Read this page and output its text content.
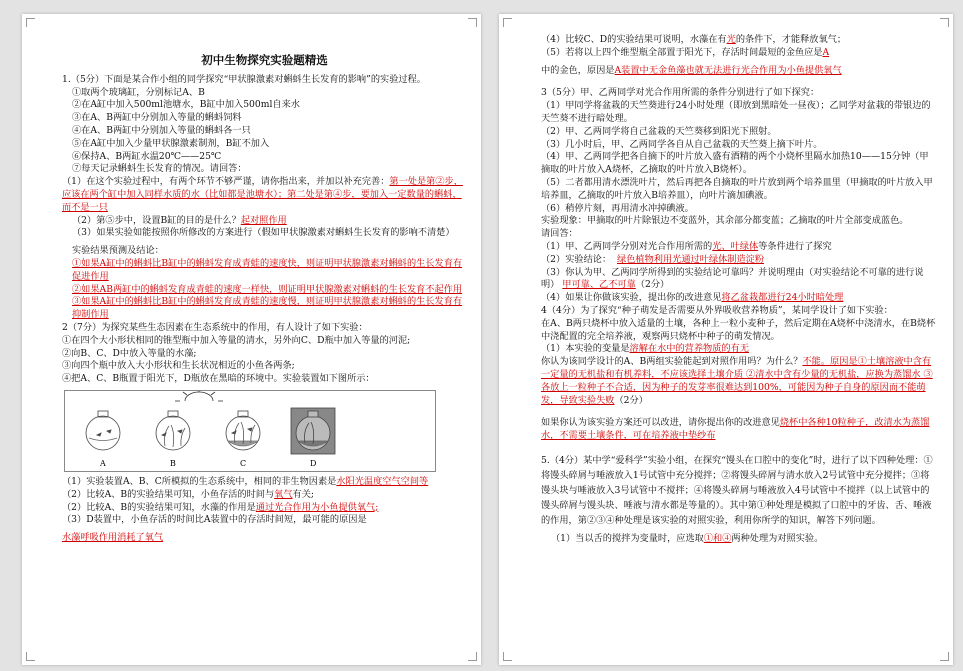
初中生物探究实验题精选
1.（5分）下面是某合作小组的同学探究“甲状腺激素对蝌蚪生长发育的影响”的实验过程。
①取两个玻璃缸，分别标记A、B
②在A缸中加入500ml池塘水，B缸中加入500ml自来水
③在A、B两缸中分别加入等量的蝌蚪饲料
④在A、B两缸中分别加入等量的蝌蚪各一只
⑤在A缸中加入少量甲状腺激素制剂，B缸不加入
⑥保持A、B两缸水温20℃——25℃
⑦每天记录蝌蚪生长发育的情况。请回答：
（1）在这个实验过程中，有两个环节不够严谨，请你指出来，并加以补充完善：第一处是第②步，应该在两个缸中加入同样水质的水（比如都是池塘水）；第二处是第④步，要加入一定数量的蝌蚪，而不是一只
（2）第⑤步中，设置B缸的目的是什么？起对照作用
（3）如果实验如能按照你所修改的方案进行（假如甲状腺激素对蝌蚪生长发育的影响不清楚）
实验结果预测及结论：
①如果A缸中的蝌蚪比B缸中的蝌蚪发育成青蛙的速度快，则证明甲状腺激素对蝌蚪的生长发育有促进作用
②如果AB两缸中的蝌蚪发育成青蛙的速度一样快，则证明甲状腺激素对蝌蚪的生长发育不起作用
③如果A缸中的蝌蚪比B缸中的蝌蚪发育成青蛙的速度慢，则证明甲状腺激素对蝌蚪的生长发育有抑制作用
2（7分）为探究某些生态因素在生态系统中的作用，有人设计了如下实验：
①在四个大小形状相同的锥型瓶中加入等量的清水，另外向C、D瓶中加入等量的河泥;
②向B、C、D中放入等量的水藻;
③向四个瓶中放入大小形状和生长状况相近的小鱼各两条;
④把A、C、B瓶置于阳光下，D瓶放在黑暗的环境中。实验装置如下图所示：
A	B	C	D
（1）实验装置A、B、C所模拟的生态系统中，相同的非生物因素是水阳光温度空气空间等
（2）比较A、B的实验结果可知，小鱼存活的时间与氧气有关;
（2）比较A、B的实验结果可知，水藻的作用是通过光合作用为小鱼提供氧气;
（3）D装置中，小鱼存活的时间比A装置中的存活时间短，最可能的原因是
水藻呼吸作用消耗了氧气
（4）比较C、D的实验结果可说明，水藻在有光的条件下，才能释放氧气；
（5）若将以上四个维型瓶全部置于阳光下，存活时间最短的金鱼应是A
中的金色，原因是A装置中无金鱼藻也就无法进行光合作用为小鱼提供氧气
3（5分）甲、乙两同学对光合作用所需的条件分别进行了如下探究：
（1）甲同学将盆栽的天竺葵进行24小时处理（即放到黑暗处一昼夜）；乙同学对盆栽的带银边的天竺葵不进行暗处理。
（2）甲、乙两同学将自己盆栽的天竺葵移到阳光下照射。
（3）几小时后，甲、乙两同学各自从自己盆栽的天竺葵上摘下叶片。
（4）甲、乙两同学把各自摘下的叶片放入盛有酒精的两个小烧杯里隔水加热10——15分钟（甲摘取的叶片放入A烧杯，乙摘取的叶片放入B烧杯）。
（5）二者都用清水漂洗叶片，然后再把各自摘取的叶片放到两个培养皿里（甲摘取的叶片放入甲培养皿，乙摘取的叶片放入B培养皿），向叶片滴加碘液。
（6）稍停片刻，再用清水冲掉碘液。
实验现象：甲摘取的叶片除银边不变蓝外，其余部分都变蓝；乙摘取的叶片全部变成蓝色。
请回答：
（1）甲、乙两同学分别对光合作用所需的光、叶绿体等条件进行了探究
（2）实验结论： 绿色植物利用光通过叶绿体制造淀粉
（3）你认为甲、乙两同学所得到的实验结论可靠吗？并说明理由（对实验结论不可靠的进行说明） 甲可靠、乙不可靠（2分）
（4）如果让你做该实验，提出你的改进意见将乙盆栽都进行24小时暗处理
4（4分）为了探究“种子萌发是否需要从外界吸收营养物质”，某同学设计了如下实验：
在A、B两只烧杯中放入适量的土壤，各种上一粒小麦种子，然后定期在A烧杯中浇清水，在B烧杯中浇配置的完全培养液，观察两只烧杯中种子的萌发情况。
（1）本实验的变量是溶解在水中的营养物质的有无
你认为该同学设计的A、B两组实验能起到对照作用吗？为什么？不能。原因是①土壤溶液中含有一定量的无机盐和有机养料，不应该选择土壤介质 ②清水中含有少量的无机盐，应换为蒸馏水 ③各放上一粒种子不合适，因为种子的发芽率很难达到100%，可能因为种子自身的原因而不能萌发，导致实验失败（2分）
如果你认为该实验方案还可以改进，请你提出你的改进意见烧杯中各种10粒种子，改清水为蒸馏水，不需要土壤条件，可在培养液中垫纱布
5.（4分）某中学“爱科学”实验小组，在探究“馒头在口腔中的变化”时，进行了以下四种处理：①将馒头碎屑与唾液放入1号试管中充分搅拌；②将馒头碎屑与清水放入2号试管中充分搅拌；③将馒头块与唾液放入3号试管中不搅拌；④将馒头碎屑与唾液放入4号试管中不搅拌（以上试管中的馒头碎屑与馒头块、唾液与清水都是等量的）。其中第①种处理是模拟了口腔中的牙齿、舌、唾液的作用，第②③④种处理是该实验的对照实验，利用你所学的知识，解答下列问题。
（1）当以舌的搅拌为变量时，应选取①和④两种处理为对照实验。
